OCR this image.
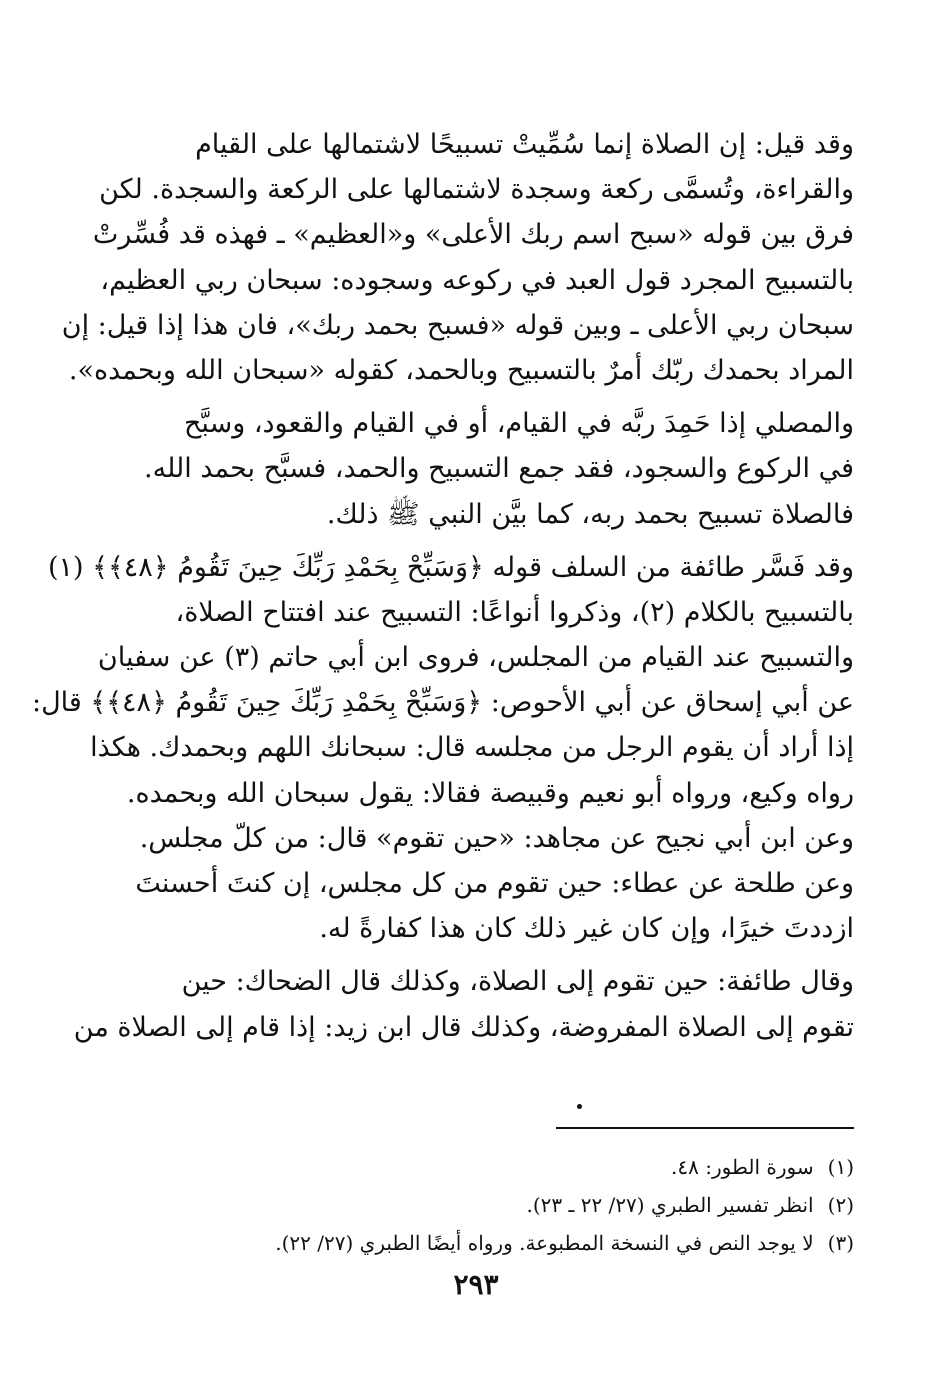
وقد قيل: إن الصلاة إنما سُمِّيتْ تسبيحًا لاشتمالها على القيام
والقراءة، وتُسمَّى ركعة وسجدة لاشتمالها على الركعة والسجدة. لكن
فرق بين قوله «سبح اسم ربك الأعلى» و«العظيم» ـ فهذه قد فُسِّرتْ
بالتسبيح المجرد قول العبد في ركوعه وسجوده: سبحان ربي العظيم،
سبحان ربي الأعلى ـ وبين قوله «فسبح بحمد ربك»، فان هذا إذا قيل: إن
المراد بحمدك ربّك أمرٌ بالتسبيح وبالحمد، كقوله «سبحان الله وبحمده».
والمصلي إذا حَمِدَ ربَّه في القيام، أو في القيام والقعود، وسبَّح
في الركوع والسجود، فقد جمع التسبيح والحمد، فسبَّح بحمد الله.
فالصلاة تسبيح بحمد ربه، كما بيَّن النبي ﷺ ذلك.
وقد فَسَّر طائفة من السلف قوله ﴿وَسَبِّحْ بِحَمْدِ رَبِّكَ حِينَ تَقُومُ ﴿٤٨﴾﴾ (١)
بالتسبيح بالكلام (٢)، وذكروا أنواعًا: التسبيح عند افتتاح الصلاة،
والتسبيح عند القيام من المجلس، فروى ابن أبي حاتم (٣) عن سفيان
عن أبي إسحاق عن أبي الأحوص: ﴿وَسَبِّحْ بِحَمْدِ رَبِّكَ حِينَ تَقُومُ ﴿٤٨﴾﴾ قال:
إذا أراد أن يقوم الرجل من مجلسه قال: سبحانك اللهم وبحمدك. هكذا
رواه وكيع، ورواه أبو نعيم وقبيصة فقالا: يقول سبحان الله وبحمده.
وعن ابن أبي نجيح عن مجاهد: «حين تقوم» قال: من كلّ مجلس.
وعن طلحة عن عطاء: حين تقوم من كل مجلس، إن كنتَ أحسنتَ
ازددتَ خيرًا، وإن كان غير ذلك كان هذا كفارةً له.
وقال طائفة: حين تقوم إلى الصلاة، وكذلك قال الضحاك: حين
تقوم إلى الصلاة المفروضة، وكذلك قال ابن زيد: إذا قام إلى الصلاة من
(١)سورة الطور: ٤٨.
(٢)انظر تفسير الطبري (٢٧/ ٢٢ ـ ٢٣).
(٣)لا يوجد النص في النسخة المطبوعة. ورواه أيضًا الطبري (٢٧/ ٢٢).
٢٩٣
